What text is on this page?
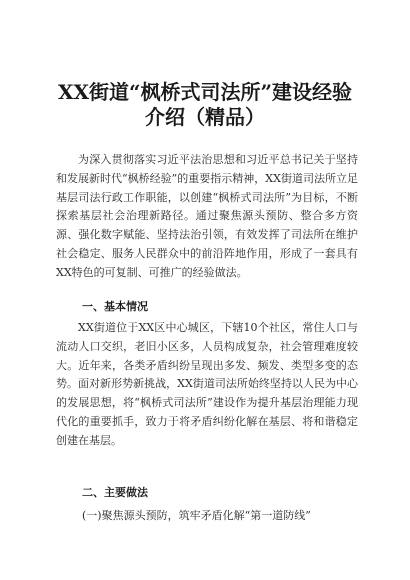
XX街道“枫桥式司法所”建设经验
介绍（精品）

为深入贯彻落实习近平法治思想和习近平总书记关于坚持和发展新时代“枫桥经验”的重要指示精神，XX街道司法所立足基层司法行政工作职能，以创建“枫桥式司法所”为目标，不断探索基层社会治理新路径。通过聚焦源头预防、整合多方资源、强化数字赋能、坚持法治引领，有效发挥了司法所在维护社会稳定、服务人民群众中的前沿阵地作用，形成了一套具有XX特色的可复制、可推广的经验做法。

一、基本情况

XX街道位于XX区中心城区，下辖10个社区，常住人口与流动人口交织，老旧小区多，人员构成复杂，社会管理难度较大。近年来，各类矛盾纠纷呈现出多发、频发、类型多变的态势。面对新形势新挑战，XX街道司法所始终坚持以人民为中心的发展思想，将“枫桥式司法所”建设作为提升基层治理能力现代化的重要抓手，致力于将矛盾纠纷化解在基层、将和谐稳定创建在基层。

二、主要做法

(一)聚焦源头预防，筑牢矛盾化解“第一道防线”
